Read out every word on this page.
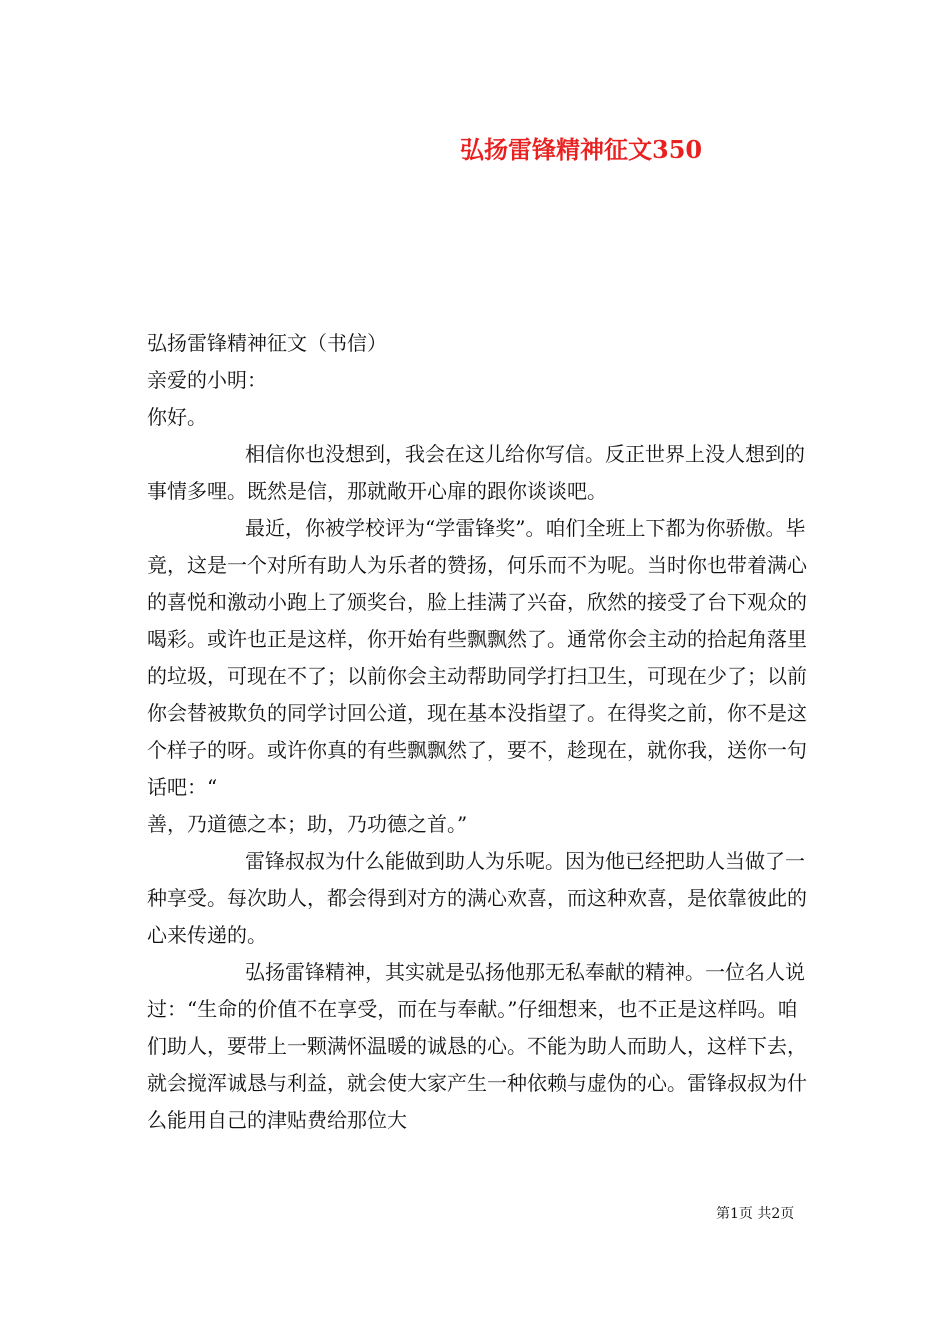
弘扬雷锋精神征文350

弘扬雷锋精神征文（书信）

亲爱的小明：

你好。

相信你也没想到，我会在这儿给你写信。反正世界上没人想到的事情多哩。既然是信，那就敞开心扉的跟你谈谈吧。

最近，你被学校评为“学雷锋奖”。咱们全班上下都为你骄傲。毕竟，这是一个对所有助人为乐者的赞扬，何乐而不为呢。当时你也带着满心的喜悦和激动小跑上了颁奖台，脸上挂满了兴奋，欣然的接受了台下观众的喝彩。或许也正是这样，你开始有些飘飘然了。通常你会主动的拾起角落里的垃圾，可现在不了；以前你会主动帮助同学打扫卫生，可现在少了；以前你会替被欺负的同学讨回公道，现在基本没指望了。在得奖之前，你不是这个样子的呀。或许你真的有些飘飘然了，要不，趁现在，就你我，送你一句话吧：“

善，乃道德之本；助，乃功德之首。”

雷锋叔叔为什么能做到助人为乐呢。因为他已经把助人当做了一种享受。每次助人，都会得到对方的满心欢喜，而这种欢喜，是依靠彼此的心来传递的。

弘扬雷锋精神，其实就是弘扬他那无私奉献的精神。一位名人说过：“生命的价值不在享受，而在与奉献。”仔细想来，也不正是这样吗。咱们助人，要带上一颗满怀温暖的诚恳的心。不能为助人而助人，这样下去，就会搅浑诚恳与利益，就会使大家产生一种依赖与虚伪的心。雷锋叔叔为什么能用自己的津贴费给那位大

第1页 共2页
